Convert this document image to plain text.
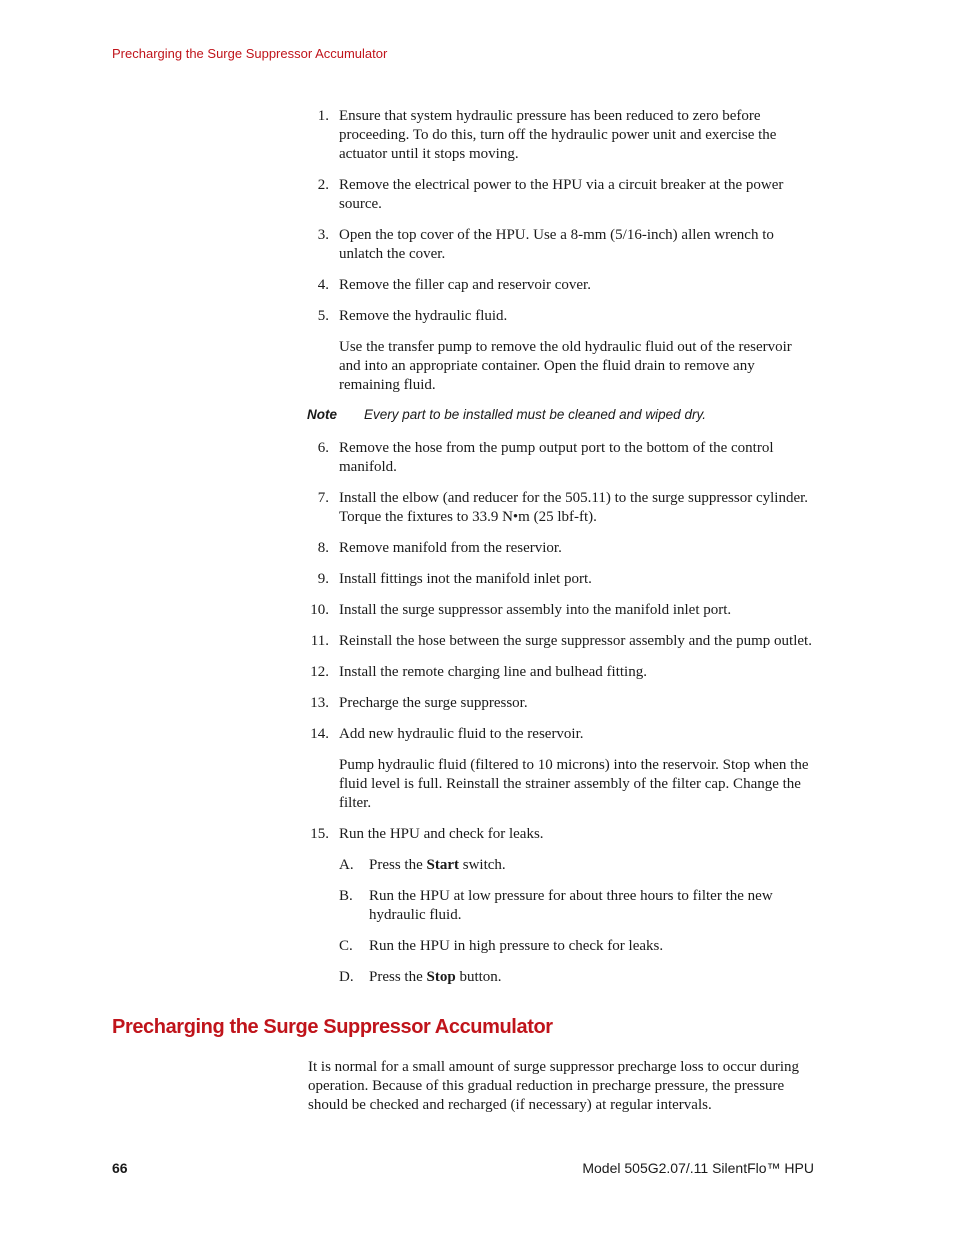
Precharging the Surge Suppressor Accumulator
1. Ensure that system hydraulic pressure has been reduced to zero before proceeding. To do this, turn off the hydraulic power unit and exercise the actuator until it stops moving.
2. Remove the electrical power to the HPU via a circuit breaker at the power source.
3. Open the top cover of the HPU. Use a 8-mm (5/16-inch) allen wrench to unlatch the cover.
4. Remove the filler cap and reservoir cover.
5. Remove the hydraulic fluid.
Use the transfer pump to remove the old hydraulic fluid out of the reservoir and into an appropriate container. Open the fluid drain to remove any remaining fluid.
Note Every part to be installed must be cleaned and wiped dry.
6. Remove the hose from the pump output port to the bottom of the control manifold.
7. Install the elbow (and reducer for the 505.11) to the surge suppressor cylinder. Torque the fixtures to 33.9 N•m (25 lbf-ft).
8. Remove manifold from the reservior.
9. Install fittings inot the manifold inlet port.
10. Install the surge suppressor assembly into the manifold inlet port.
11. Reinstall the hose between the surge suppressor assembly and the pump outlet.
12. Install the remote charging line and bulhead fitting.
13. Precharge the surge suppressor.
14. Add new hydraulic fluid to the reservoir.
Pump hydraulic fluid (filtered to 10 microns) into the reservoir. Stop when the fluid level is full. Reinstall the strainer assembly of the filter cap. Change the filter.
15. Run the HPU and check for leaks.
A. Press the Start switch.
B. Run the HPU at low pressure for about three hours to filter the new hydraulic fluid.
C. Run the HPU in high pressure to check for leaks.
D. Press the Stop button.
Precharging the Surge Suppressor Accumulator
It is normal for a small amount of surge suppressor precharge loss to occur during operation. Because of this gradual reduction in precharge pressure, the pressure should be checked and recharged (if necessary) at regular intervals.
66	Model 505G2.07/.11 SilentFlo™ HPU
